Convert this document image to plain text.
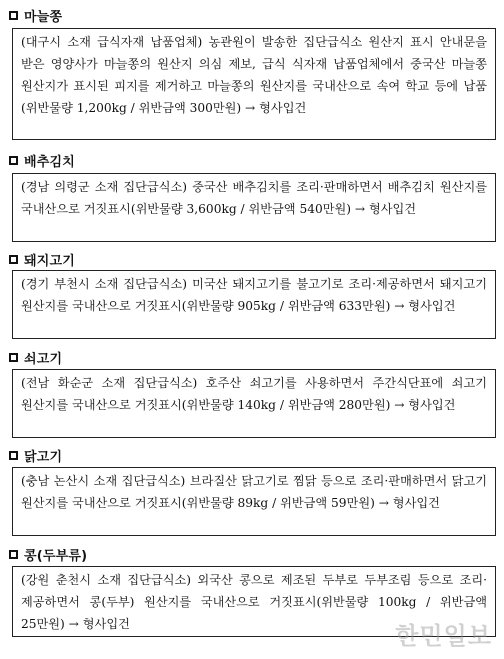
마늘쫑
(대구시 소재 급식자재 납품업체) 농관원이 발송한 집단급식소 원산지 표시 안내문을 받은 영양사가 마늘쫑의 원산지 의심 제보, 급식 식자재 납품업체에서 중국산 마늘쫑 원산지가 표시된 피지를 제거하고 마늘쫑의 원산지를 국내산으로 속여 학교 등에 납품(위반물량 1,200kg / 위반금액 300만원) → 형사입건
배추김치
(경남 의령군 소재 집단급식소) 중국산 배추김치를 조리·판매하면서 배추김치 원산지를 국내산으로 거짓표시(위반물량 3,600kg / 위반금액 540만원) → 형사입건
돼지고기
(경기 부천시 소재 집단급식소) 미국산 돼지고기를 불고기로 조리·제공하면서 돼지고기 원산지를 국내산으로 거짓표시(위반물량 905kg / 위반금액 633만원) → 형사입건
쇠고기
(전남 화순군 소재 집단급식소) 호주산 쇠고기를 사용하면서 주간식단표에 쇠고기 원산지를 국내산으로 거짓표시(위반물량 140kg / 위반금액 280만원) → 형사입건
닭고기
(충남 논산시 소재 집단급식소) 브라질산 닭고기로 찜닭 등으로 조리·판매하면서 닭고기 원산지를 국내산으로 거짓표시(위반물량 89kg / 위반금액 59만원) → 형사입건
콩(두부류)
(강원 춘천시 소재 집단급식소) 외국산 콩으로 제조된 두부로 두부조림 등으로 조리·제공하면서 콩(두부) 원산지를 국내산으로 거짓표시(위반물량 100kg / 위반금액 25만원) → 형사입건	한민일보
